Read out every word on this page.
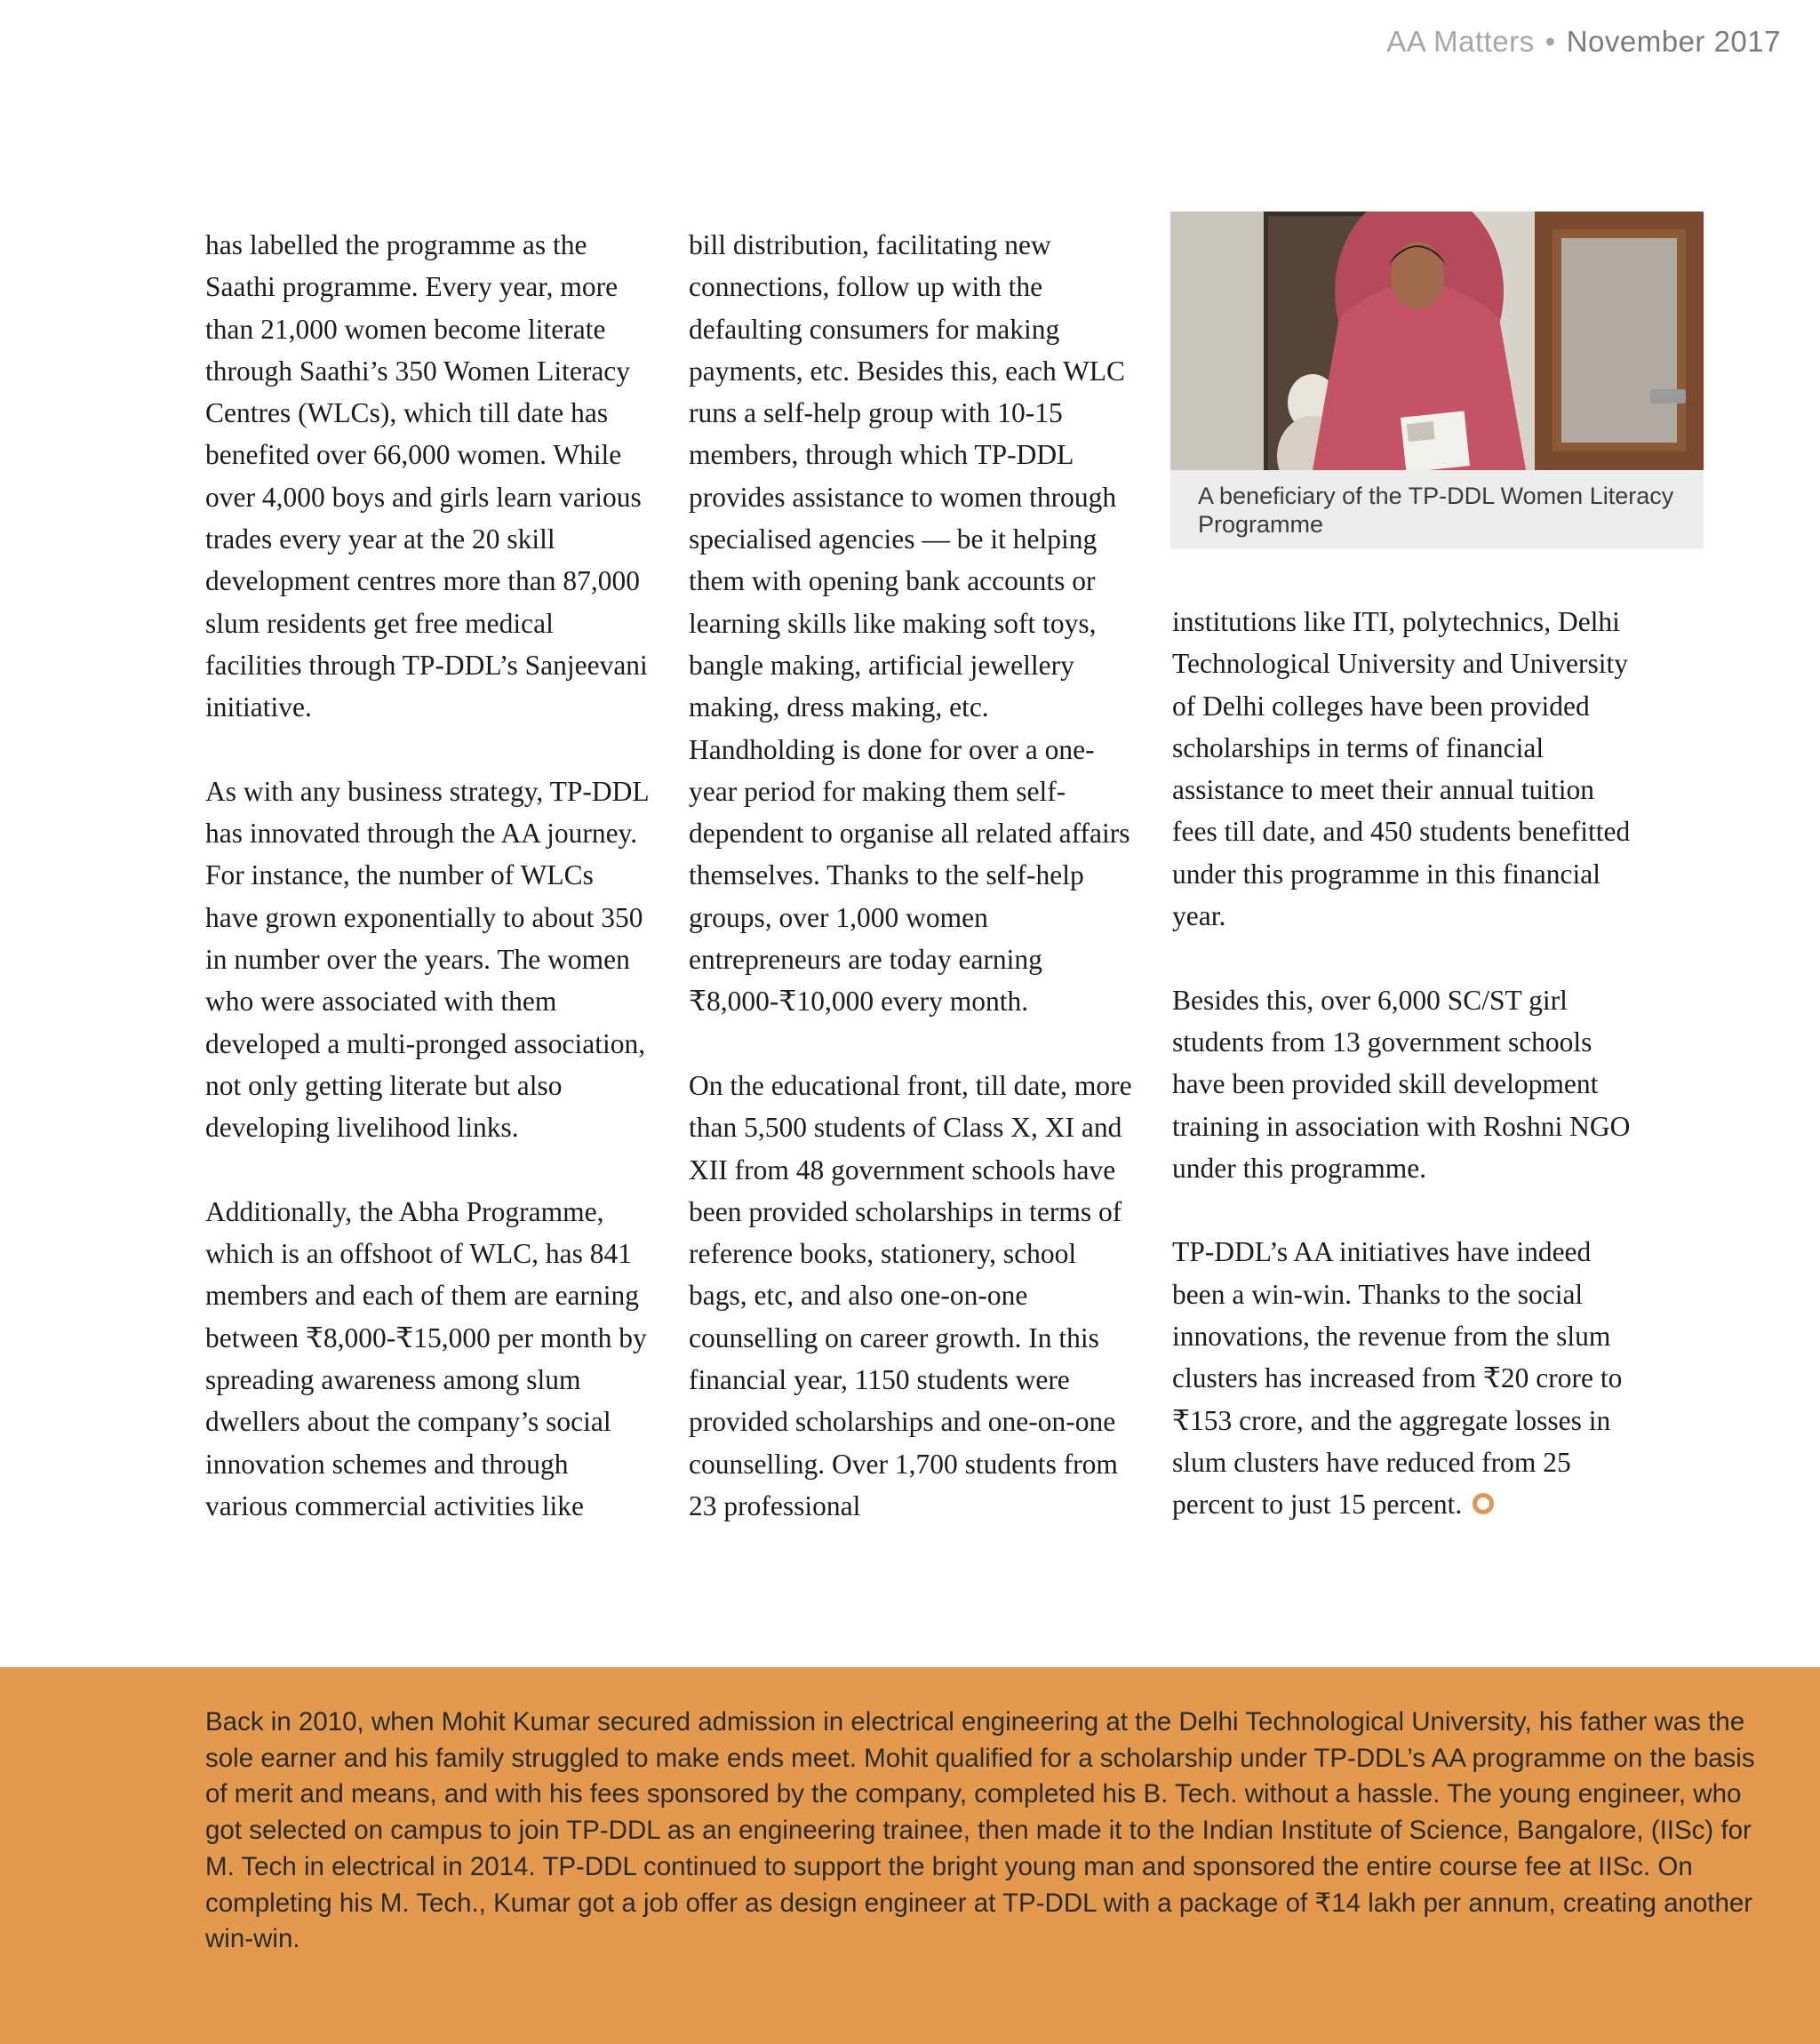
AA Matters • November 2017

has labelled the programme as the Saathi programme. Every year, more than 21,000 women become literate through Saathi’s 350 Women Literacy Centres (WLCs), which till date has benefited over 66,000 women. While over 4,000 boys and girls learn various trades every year at the 20 skill development centres more than 87,000 slum residents get free medical facilities through TP-DDL’s Sanjeevani initiative.

As with any business strategy, TP-DDL has innovated through the AA journey. For instance, the number of WLCs have grown exponentially to about 350 in number over the years. The women who were associated with them developed a multi-pronged association, not only getting literate but also developing livelihood links.

Additionally, the Abha Programme, which is an offshoot of WLC, has 841 members and each of them are earning between ₹8,000-₹15,000 per month by spreading awareness among slum dwellers about the company’s social innovation schemes and through various commercial activities like

bill distribution, facilitating new connections, follow up with the defaulting consumers for making payments, etc. Besides this, each WLC runs a self-help group with 10-15 members, through which TP-DDL provides assistance to women through specialised agencies — be it helping them with opening bank accounts or learning skills like making soft toys, bangle making, artificial jewellery making, dress making, etc. Handholding is done for over a one-year period for making them self-dependent to organise all related affairs themselves. Thanks to the self-help groups, over 1,000 women entrepreneurs are today earning ₹8,000-₹10,000 every month.

On the educational front, till date, more than 5,500 students of Class X, XI and XII from 48 government schools have been provided scholarships in terms of reference books, stationery, school bags, etc, and also one-on-one counselling on career growth. In this financial year, 1150 students were provided scholarships and one-on-one counselling. Over 1,700 students from 23 professional

A beneficiary of the TP-DDL Women Literacy Programme

institutions like ITI, polytechnics, Delhi Technological University and University of Delhi colleges have been provided scholarships in terms of financial assistance to meet their annual tuition fees till date, and 450 students benefitted under this programme in this financial year.

Besides this, over 6,000 SC/ST girl students from 13 government schools have been provided skill development training in association with Roshni NGO under this programme.

TP-DDL’s AA initiatives have indeed been a win-win. Thanks to the social innovations, the revenue from the slum clusters has increased from ₹20 crore to ₹153 crore, and the aggregate losses in slum clusters have reduced from 25 percent to just 15 percent.

Back in 2010, when Mohit Kumar secured admission in electrical engineering at the Delhi Technological University, his father was the sole earner and his family struggled to make ends meet. Mohit qualified for a scholarship under TP-DDL’s AA programme on the basis of merit and means, and with his fees sponsored by the company, completed his B. Tech. without a hassle. The young engineer, who got selected on campus to join TP-DDL as an engineering trainee, then made it to the Indian Institute of Science, Bangalore, (IISc) for M. Tech in electrical in 2014. TP-DDL continued to support the bright young man and sponsored the entire course fee at IISc. On completing his M. Tech., Kumar got a job offer as design engineer at TP-DDL with a package of ₹14 lakh per annum, creating another win-win.
